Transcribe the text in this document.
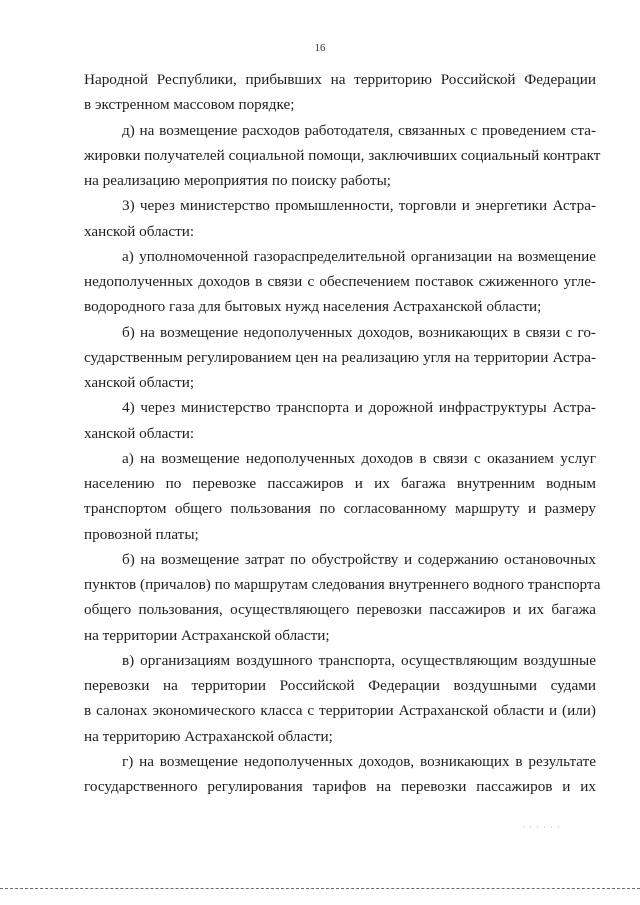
16
Народной Республики, прибывших на территорию Российской Федерации
в экстренном массовом порядке;
д) на возмещение расходов работодателя, связанных с проведением ста-
жировки получателей социальной помощи, заключивших социальный контракт
на реализацию мероприятия по поиску работы;
3) через министерство промышленности, торговли и энергетики Астра-
ханской области:
а) уполномоченной газораспределительной организации на возмещение
недополученных доходов в связи с обеспечением поставок сжиженного угле-
водородного газа для бытовых нужд населения Астраханской области;
б) на возмещение недополученных доходов, возникающих в связи с го-
сударственным регулированием цен на реализацию угля на территории Астра-
ханской области;
4) через министерство транспорта и дорожной инфраструктуры Астра-
ханской области:
а) на возмещение недополученных доходов в связи с оказанием услуг
населению по перевозке пассажиров и их багажа внутренним водным
транспортом общего пользования по согласованному маршруту и размеру
провозной платы;
б) на возмещение затрат по обустройству и содержанию остановочных
пунктов (причалов) по маршрутам следования внутреннего водного транспорта
общего пользования, осуществляющего перевозки пассажиров и их багажа
на территории Астраханской области;
в) организациям воздушного транспорта, осуществляющим воздушные
перевозки на территории Российской Федерации воздушными судами
в салонах экономического класса с территории Астраханской области и (или)
на территорию Астраханской области;
г) на возмещение недополученных доходов, возникающих в результате
государственного регулирования тарифов на перевозки пассажиров и их
